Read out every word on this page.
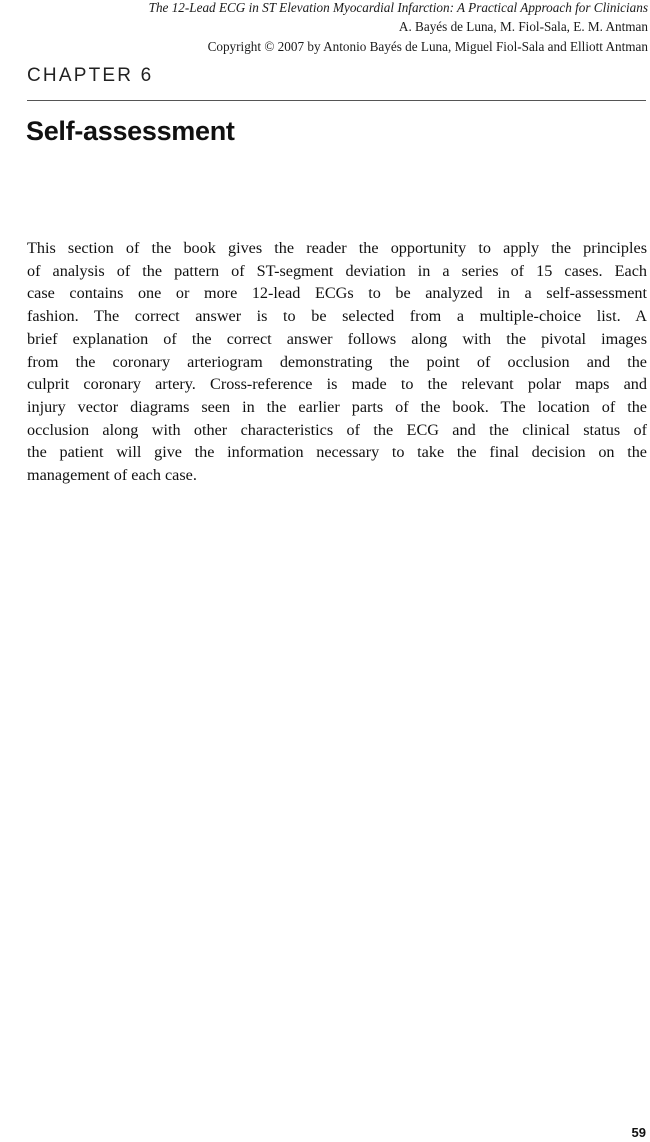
The 12-Lead ECG in ST Elevation Myocardial Infarction: A Practical Approach for Clinicians
A. Bayés de Luna, M. Fiol-Sala, E. M. Antman
Copyright © 2007 by Antonio Bayés de Luna, Miguel Fiol-Sala and Elliott Antman
CHAPTER 6
Self-assessment
This section of the book gives the reader the opportunity to apply the principles
of analysis of the pattern of ST-segment deviation in a series of 15 cases. Each
case contains one or more 12-lead ECGs to be analyzed in a self-assessment
fashion. The correct answer is to be selected from a multiple-choice list. A
brief explanation of the correct answer follows along with the pivotal images
from the coronary arteriogram demonstrating the point of occlusion and the
culprit coronary artery. Cross-reference is made to the relevant polar maps and
injury vector diagrams seen in the earlier parts of the book. The location of the
occlusion along with other characteristics of the ECG and the clinical status of
the patient will give the information necessary to take the final decision on the
management of each case.
59
